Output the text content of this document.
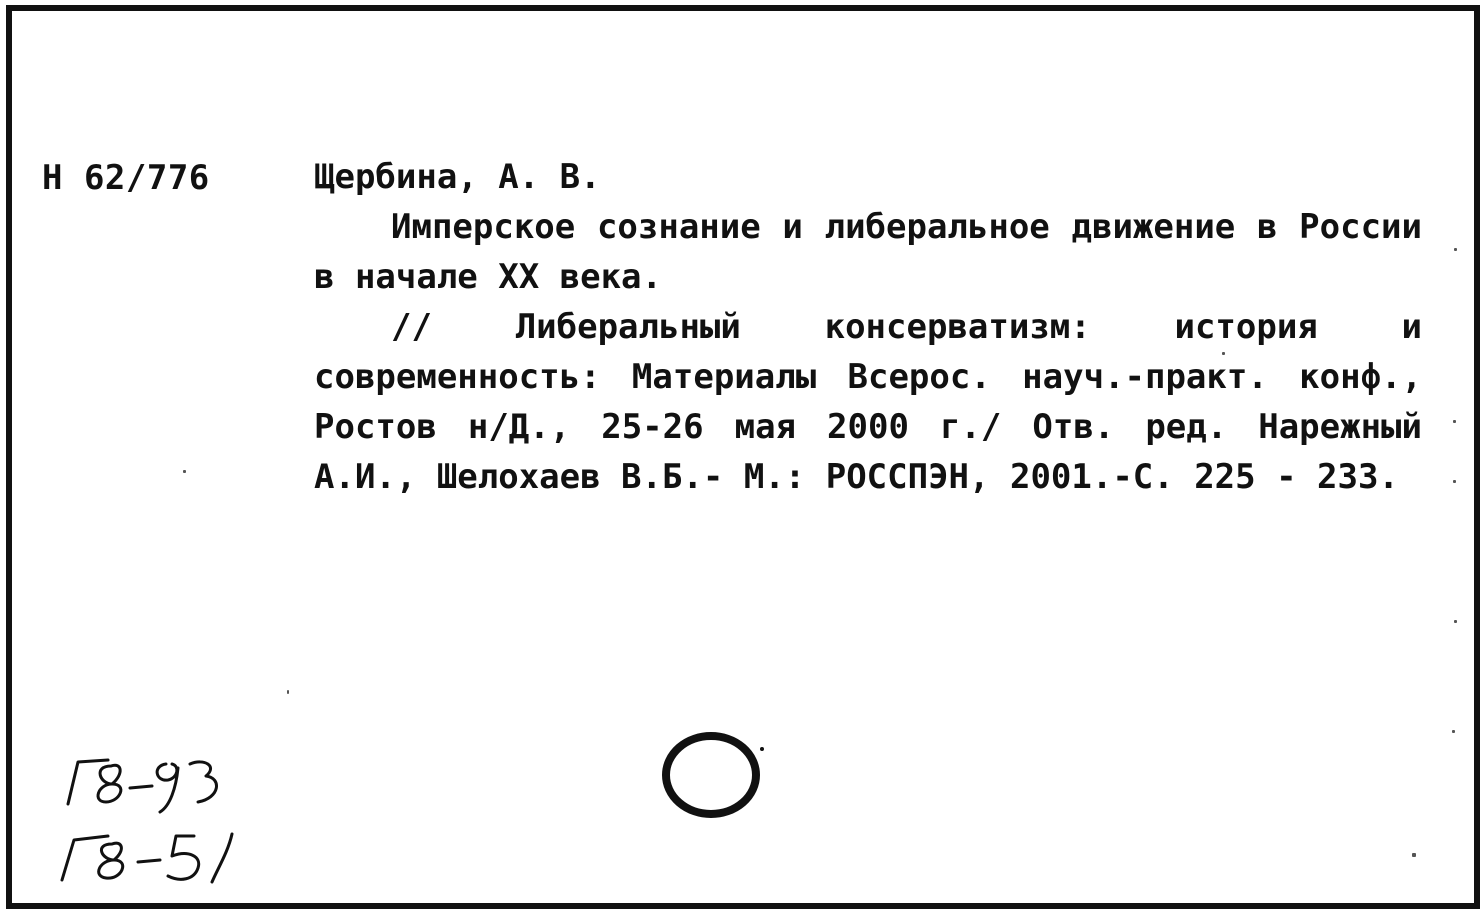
Н 62/776	Щербина, А. В.

Имперское сознание и либеральное движение в России в начале XX века.

// Либеральный консерватизм: история и современность: Материалы Всерос. науч.-практ. конф., Ростов н/Д., 25-26 мая 2000 г./ Отв. ред. Нарежный А.И., Шелохаев В.Б.- М.: РОССПЭН, 2001.-С. 225 - 233.
